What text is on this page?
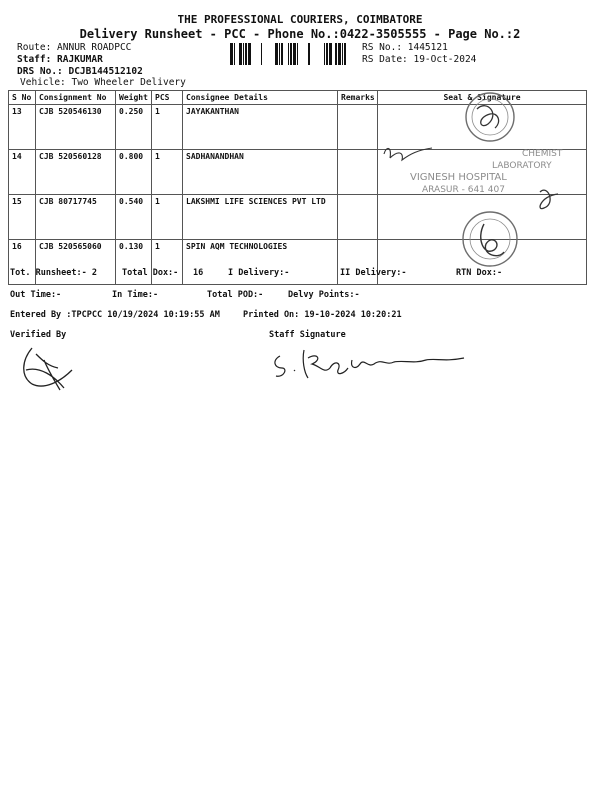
THE PROFESSIONAL COURIERS, COIMBATORE
Delivery Runsheet - PCC - Phone No.:0422-3505555 - Page No.:2
Route: ANNUR ROADPCC
Staff: RAJKUMAR
DRS No.: DCJB144512102
Vehicle: Two Wheeler Delivery
RS No.: 1445121
RS Date: 19-Oct-2024
S No	Consignment No	Weight	PCS	Consignee Details	Remarks	Seal & Signature
13	CJB 520546130	0.250	1	JAYAKANTHAN		
14	CJB 520560128	0.800	1	SADHANANDHAN		
15	CJB 80717745	0.540	1	LAKSHMI LIFE SCIENCES PVT LTD		
16	CJB 520565060	0.130	1	SPIN AQM TECHNOLOGIES		
CHEMIST
LABORATORY
VIGNESH HOSPITAL
ARASUR - 641 407
Tot. Runsheet:- 2	Total Dox:- 16	I Delivery:-	II Delivery:-	RTN Dox:-
Out Time:-	In Time:-	Total POD:-	Delvy Points:-
Entered By :TPCPCC 10/19/2024 10:19:55 AM	Printed On: 19-10-2024 10:20:21
Verified By	Staff Signature
